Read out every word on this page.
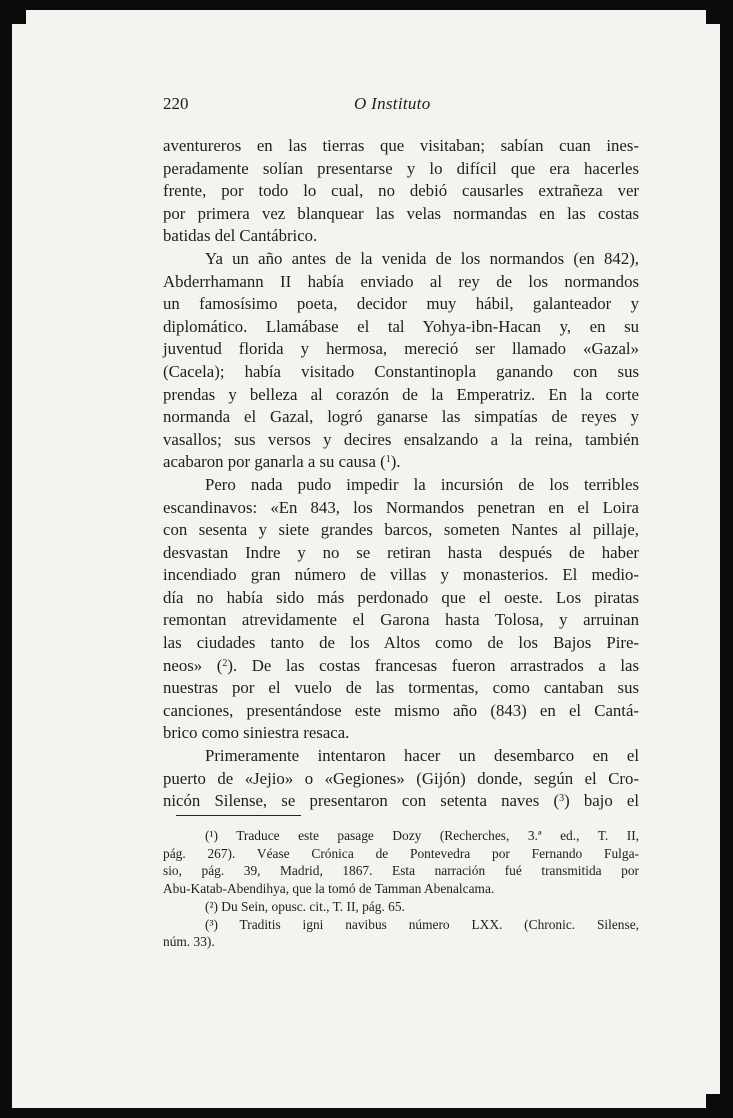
220	O Instituto

aventureros en las tierras que visitaban; sabían cuan ines-

peradamente solían presentarse y lo difícil que era hacerles

frente, por todo lo cual, no debió causarles extrañeza ver

por primera vez blanquear las velas normandas en las costas

batidas del Cantábrico.

Ya un año antes de la venida de los normandos (en 842),

Abderrhamann II había enviado al rey de los normandos

un famosísimo poeta, decidor muy hábil, galanteador y

diplomático. Llamábase el tal Yohya-ibn-Hacan y, en su

juventud florida y hermosa, mereció ser llamado «Gazal»

(Cacela); había visitado Constantinopla ganando con sus

prendas y belleza al corazón de la Emperatriz. En la corte

normanda el Gazal, logró ganarse las simpatías de reyes y

vasallos; sus versos y decires ensalzando a la reina, también

acabaron por ganarla a su causa ($^1$).

Pero nada pudo impedir la incursión de los terribles

escandinavos: «En 843, los Normandos penetran en el Loira

con sesenta y siete grandes barcos, someten Nantes al pillaje,

desvastan Indre y no se retiran hasta después de haber

incendiado gran número de villas y monasterios. El medio-

día no había sido más perdonado que el oeste. Los piratas

remontan atrevidamente el Garona hasta Tolosa, y arruinan

las ciudades tanto de los Altos como de los Bajos Pire-

neos» ($^2$). De las costas francesas fueron arrastrados a las

nuestras por el vuelo de las tormentas, como cantaban sus

canciones, presentándose este mismo año (843) en el Cantá-

brico como siniestra resaca.

Primeramente intentaron hacer un desembarco en el

puerto de «Jejio» o «Gegiones» (Gijón) donde, según el Cro-

nicón Silense, se presentaron con setenta naves ($^3$) bajo el

(¹) Traduce este pasage Dozy (Recherches, 3.ª ed., T. II,

pág. 267). Véase Crónica de Pontevedra por Fernando Fulga-

sio, pág. 39, Madrid, 1867. Esta narración fué transmitida por

Abu-Katab-Abendihya, que la tomó de Tamman Abenalcama.

(²) Du Sein, opusc. cit., T. II, pág. 65.

(³) Traditis igni navibus número LXX. (Chronic. Silense,

núm. 33).
